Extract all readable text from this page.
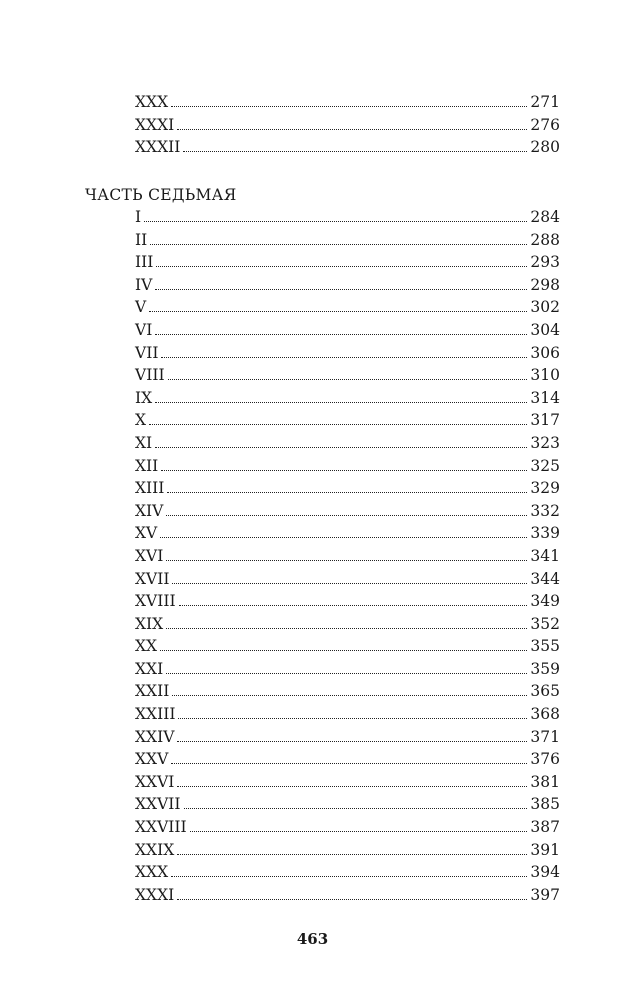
XXX	271
XXXI	276
XXXII	280
ЧАСТЬ СЕДЬМАЯ
I	284
II	288
III	293
IV	298
V	302
VI	304
VII	306
VIII	310
IX	314
X	317
XI	323
XII	325
XIII	329
XIV	332
XV	339
XVI	341
XVII	344
XVIII	349
XIX	352
XX	355
XXI	359
XXII	365
XXIII	368
XXIV	371
XXV	376
XXVI	381
XXVII	385
XXVIII	387
XXIX	391
XXX	394
XXXI	397
463
